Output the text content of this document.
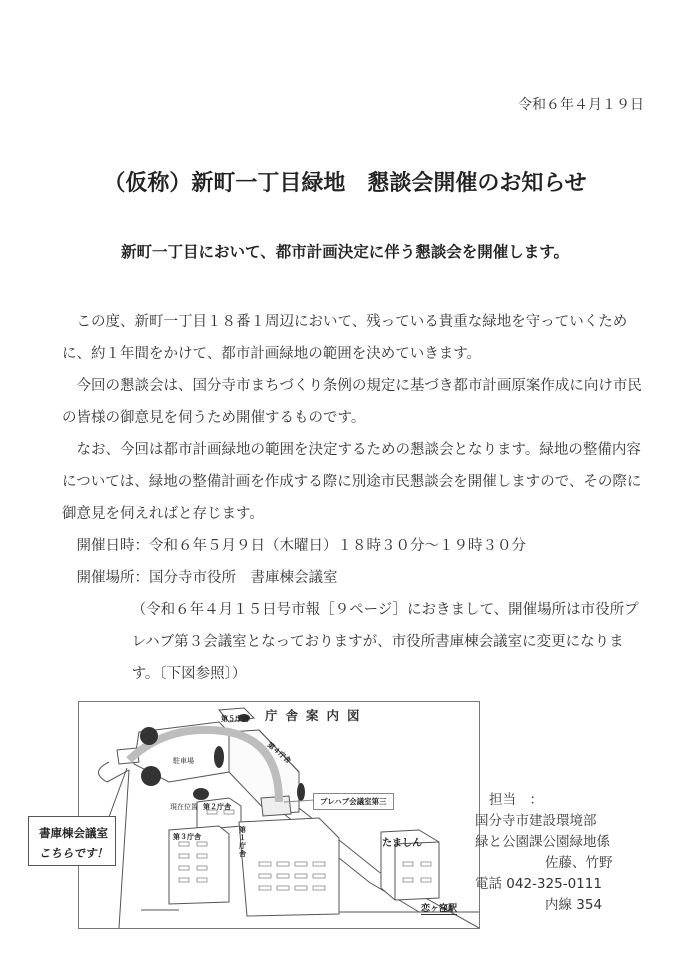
令和６年４月１９日
（仮称）新町一丁目緑地　懇談会開催のお知らせ
新町一丁目において、都市計画決定に伴う懇談会を開催します。

この度、新町一丁目１８番１周辺において、残っている貴重な緑地を守っていくために、約１年間をかけて、都市計画緑地の範囲を決めていきます。

今回の懇談会は、国分寺市まちづくり条例の規定に基づき都市計画原案作成に向け市民の皆様の御意見を伺うため開催するものです。

なお、今回は都市計画緑地の範囲を決定するための懇談会となります。緑地の整備内容については、緑地の整備計画を作成する際に別途市民懇談会を開催しますので、その際に御意見を伺えればと存じます。

開催日時：令和６年５月９日（木曜日）１８時３０分～１９時３０分

開催場所：国分寺市役所　書庫棟会議室

（令和６年４月１５日号市報［９ページ］におきまして、開催場所は市役所プレハブ第３会議室となっておりますが、市役所書庫棟会議室に変更になります。〔下図参照〕）

庁舎案内図
第５庁舎
第４庁舎
駐車場
第２庁舎
第３庁舎
第１庁舎
現在位置
プレハブ会議室第三
たましん
恋ヶ窪駅
書庫棟会議室
こちらです！
担当　：
国分寺市建設環境部
緑と公園課公園緑地係
佐藤、竹野
電話 042-325-0111
内線 354
